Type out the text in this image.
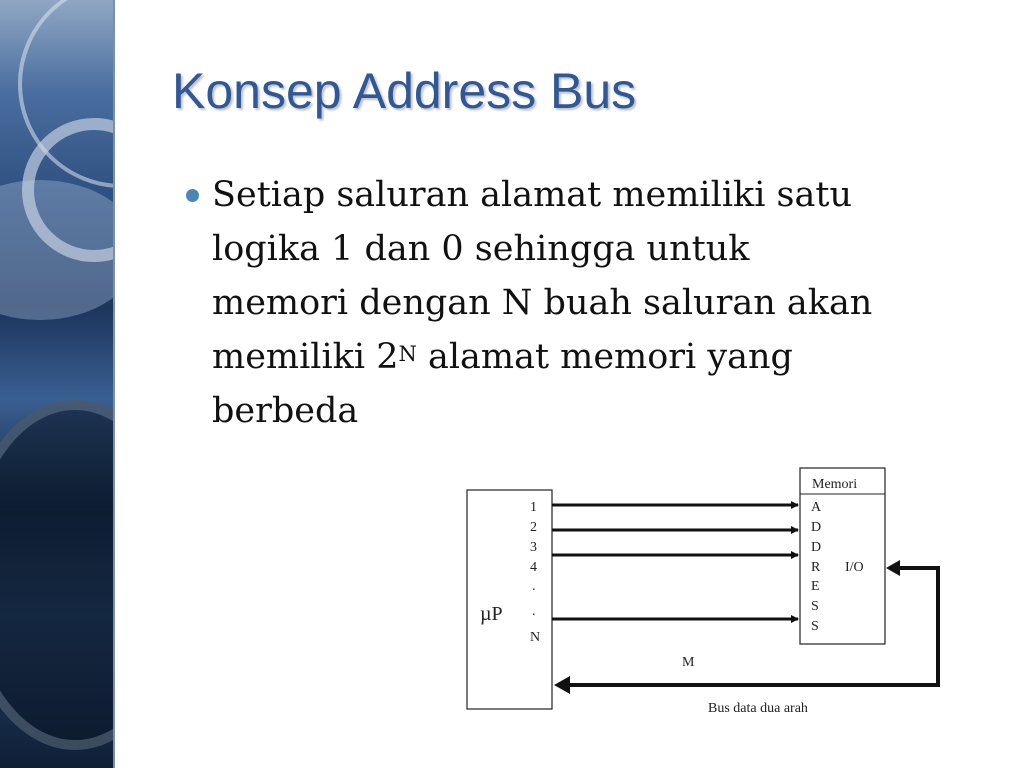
Konsep Address Bus

Setiap saluran alamat memiliki satu
logika 1 dan 0 sehingga untuk
memori dengan N buah saluran akan
memiliki $2^N$ alamat memori yang
berbeda

µP
1
2
3
4
.
.
N
Memori
A
D
D
R
E
S
S
I/O
M
Bus data dua arah
